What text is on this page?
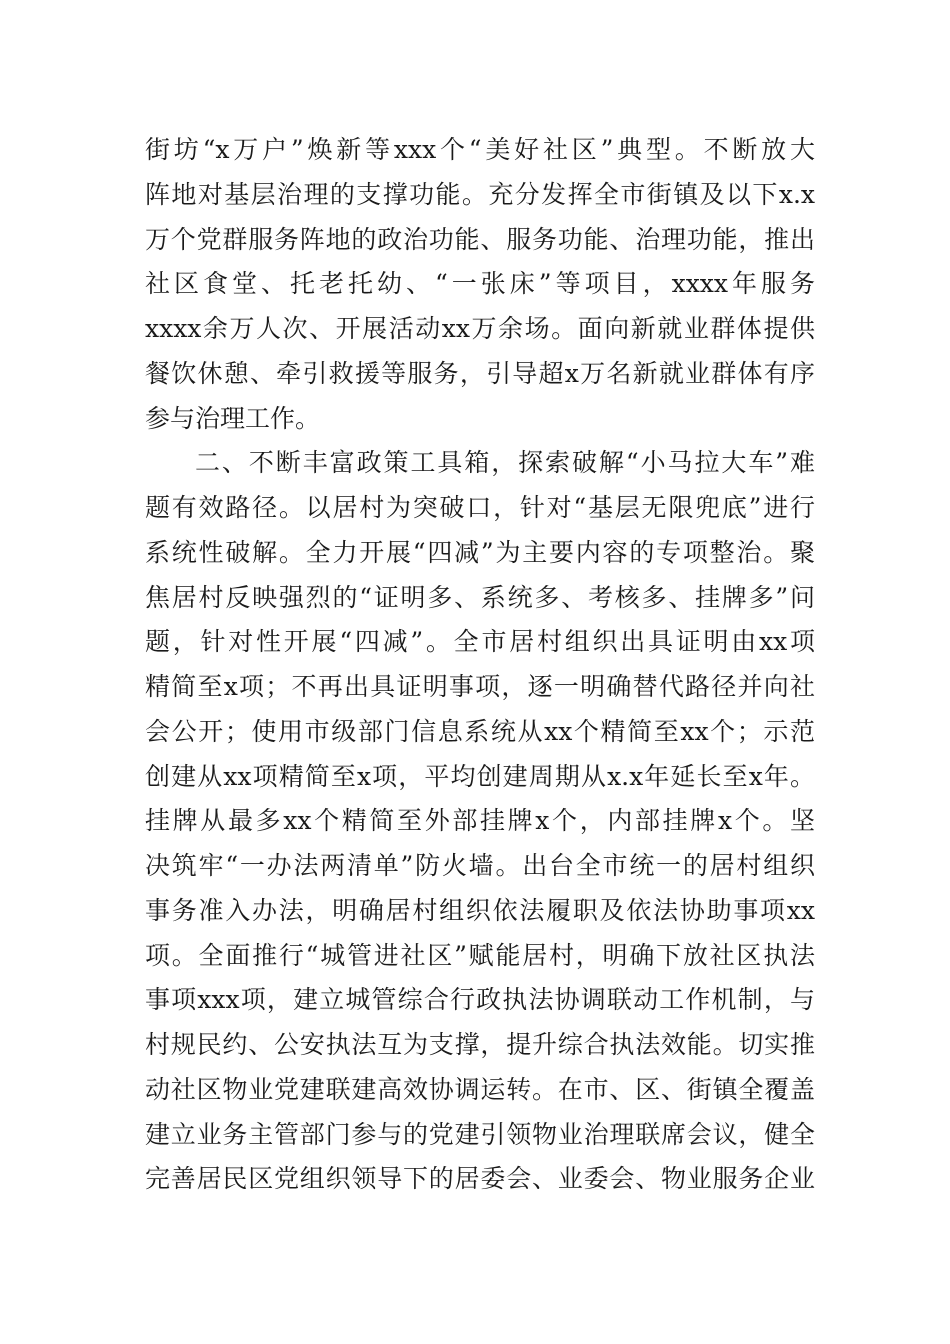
街坊“x万户”焕新等xxx个“美好社区”典型。不断放大
阵地对基层治理的支撑功能。充分发挥全市街镇及以下x.x
万个党群服务阵地的政治功能、服务功能、治理功能，推出
社区食堂、托老托幼、“一张床”等项目，xxxx年服务
xxxx余万人次、开展活动xx万余场。面向新就业群体提供
餐饮休憩、牵引救援等服务，引导超x万名新就业群体有序
参与治理工作。
二、不断丰富政策工具箱，探索破解“小马拉大车”难
题有效路径。以居村为突破口，针对“基层无限兜底”进行
系统性破解。全力开展“四减”为主要内容的专项整治。聚
焦居村反映强烈的“证明多、系统多、考核多、挂牌多”问
题，针对性开展“四减”。全市居村组织出具证明由xx项
精简至x项；不再出具证明事项，逐一明确替代路径并向社
会公开；使用市级部门信息系统从xx个精简至xx个；示范
创建从xx项精简至x项，平均创建周期从x.x年延长至x年。
挂牌从最多xx个精简至外部挂牌x个，内部挂牌x个。坚
决筑牢“一办法两清单”防火墙。出台全市统一的居村组织
事务准入办法，明确居村组织依法履职及依法协助事项xx
项。全面推行“城管进社区”赋能居村，明确下放社区执法
事项xxx项，建立城管综合行政执法协调联动工作机制，与
村规民约、公安执法互为支撑，提升综合执法效能。切实推
动社区物业党建联建高效协调运转。在市、区、街镇全覆盖
建立业务主管部门参与的党建引领物业治理联席会议，健全
完善居民区党组织领导下的居委会、业委会、物业服务企业
